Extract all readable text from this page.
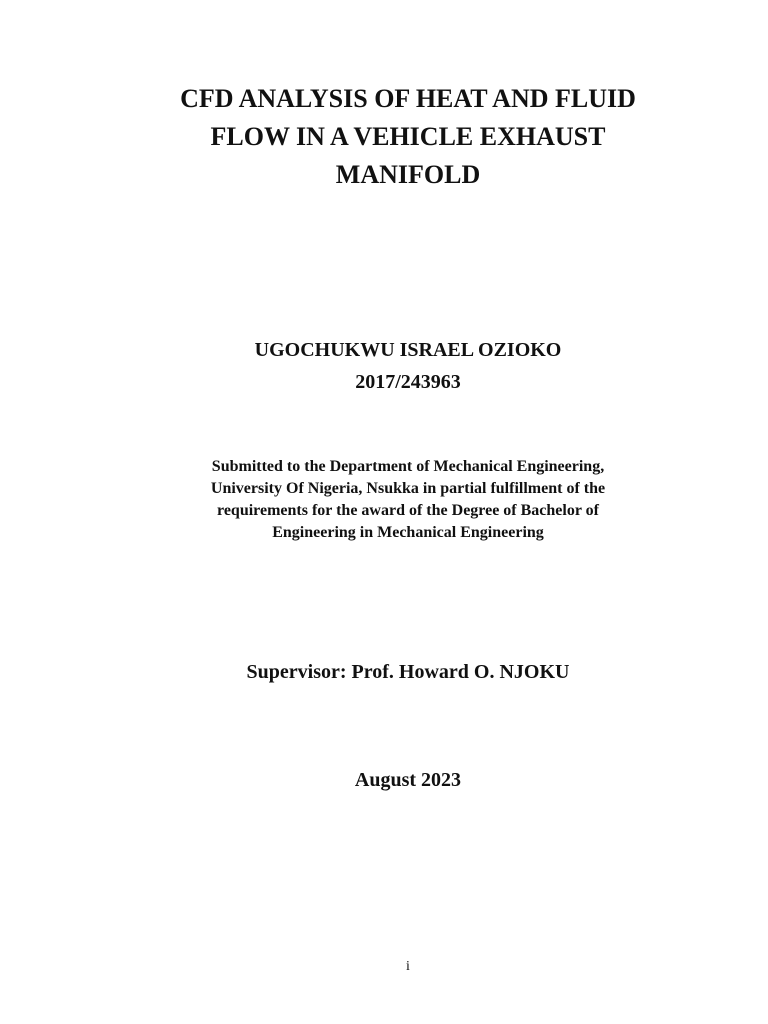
CFD ANALYSIS OF HEAT AND FLUID
FLOW IN A VEHICLE EXHAUST
MANIFOLD
UGOCHUKWU ISRAEL OZIOKO
2017/243963
Submitted to the Department of Mechanical Engineering,
University Of Nigeria, Nsukka in partial fulfillment of the
requirements for the award of the Degree of Bachelor of
Engineering in Mechanical Engineering
Supervisor: Prof. Howard O. NJOKU
August 2023
i
